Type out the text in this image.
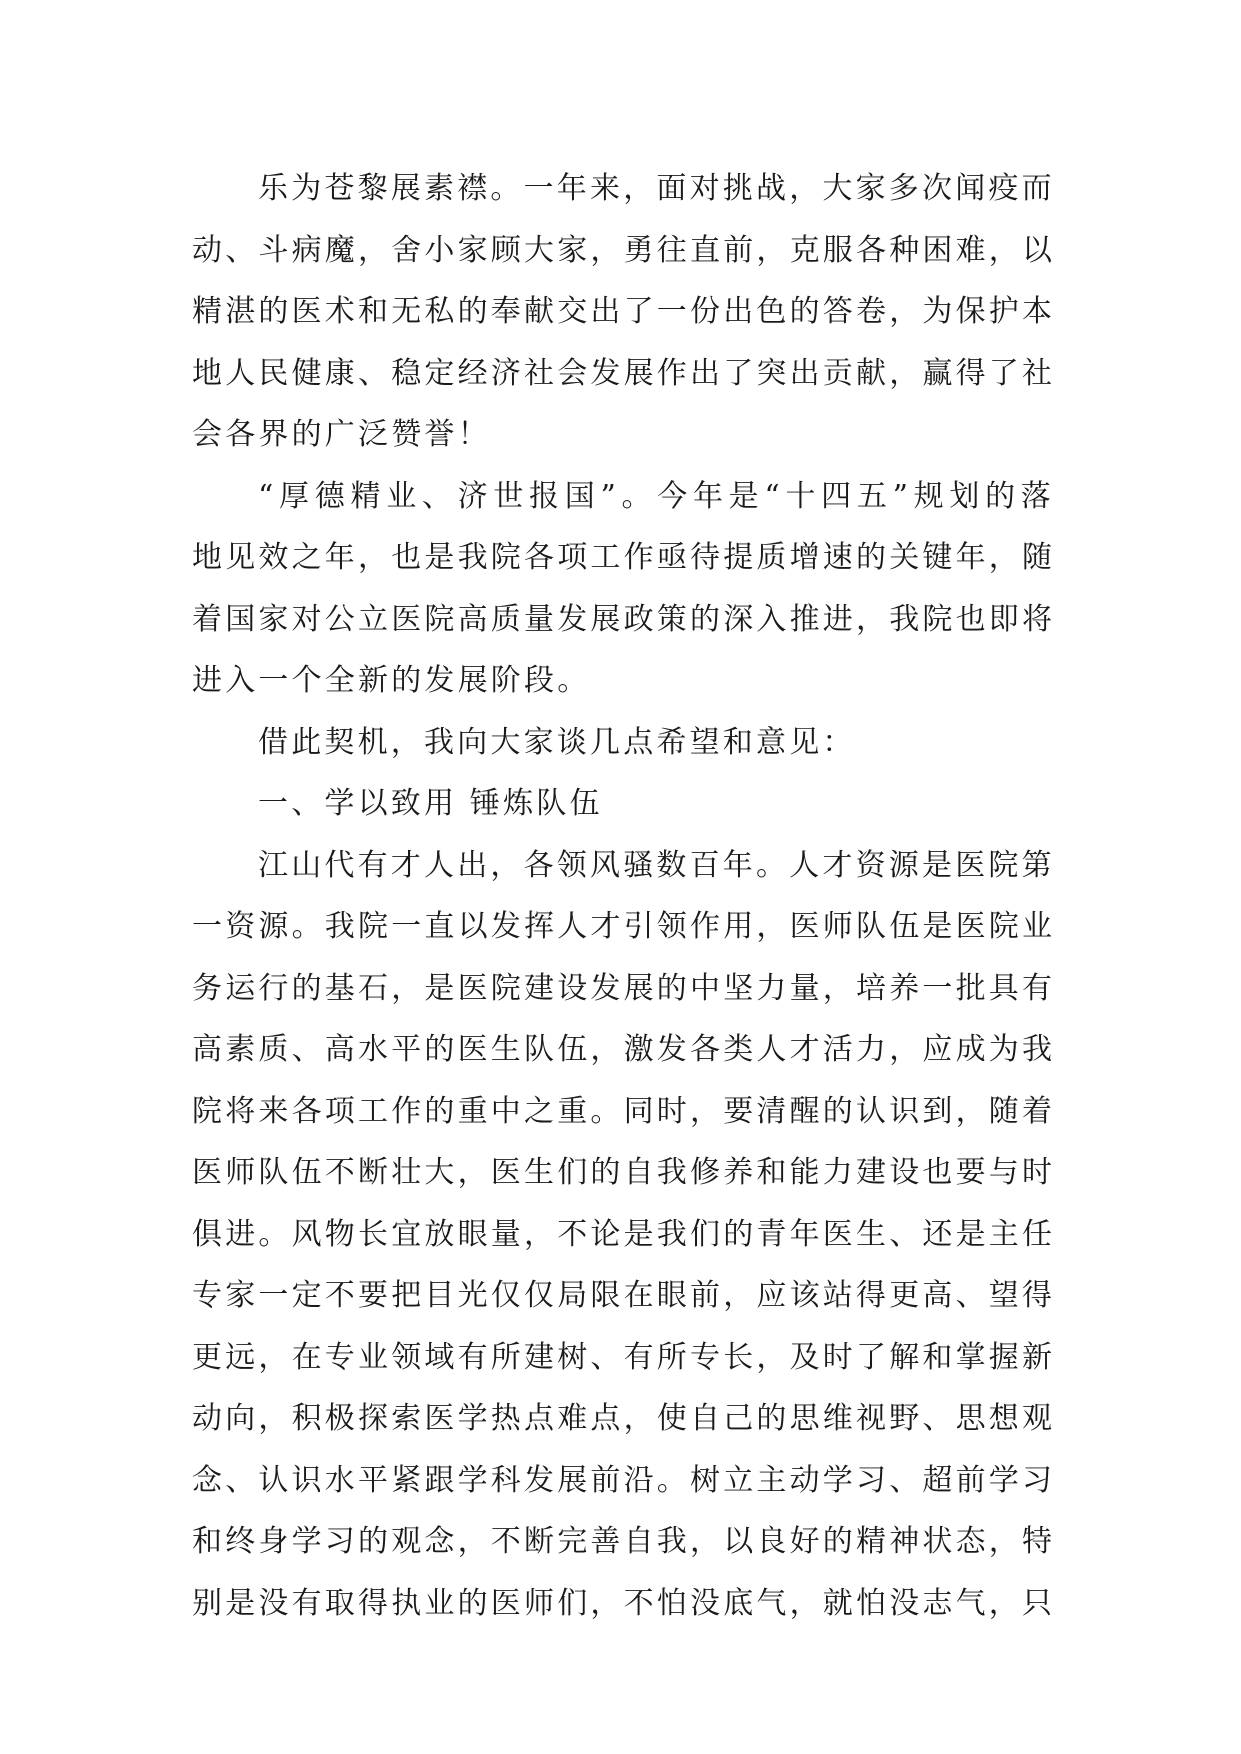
乐为苍黎展素襟。一年来，面对挑战，大家多次闻疫而
动、斗病魔，舍小家顾大家，勇往直前，克服各种困难，以
精湛的医术和无私的奉献交出了一份出色的答卷，为保护本
地人民健康、稳定经济社会发展作出了突出贡献，赢得了社
会各界的广泛赞誉！
“厚德精业、济世报国”。今年是“十四五”规划的落
地见效之年，也是我院各项工作亟待提质增速的关键年，随
着国家对公立医院高质量发展政策的深入推进，我院也即将
进入一个全新的发展阶段。
借此契机，我向大家谈几点希望和意见：
一、学以致用 锤炼队伍
江山代有才人出，各领风骚数百年。人才资源是医院第
一资源。我院一直以发挥人才引领作用，医师队伍是医院业
务运行的基石，是医院建设发展的中坚力量，培养一批具有
高素质、高水平的医生队伍，激发各类人才活力，应成为我
院将来各项工作的重中之重。同时，要清醒的认识到，随着
医师队伍不断壮大，医生们的自我修养和能力建设也要与时
俱进。风物长宜放眼量，不论是我们的青年医生、还是主任
专家一定不要把目光仅仅局限在眼前，应该站得更高、望得
更远，在专业领域有所建树、有所专长，及时了解和掌握新
动向，积极探索医学热点难点，使自己的思维视野、思想观
念、认识水平紧跟学科发展前沿。树立主动学习、超前学习
和终身学习的观念，不断完善自我，以良好的精神状态，特
别是没有取得执业的医师们，不怕没底气，就怕没志气，只
